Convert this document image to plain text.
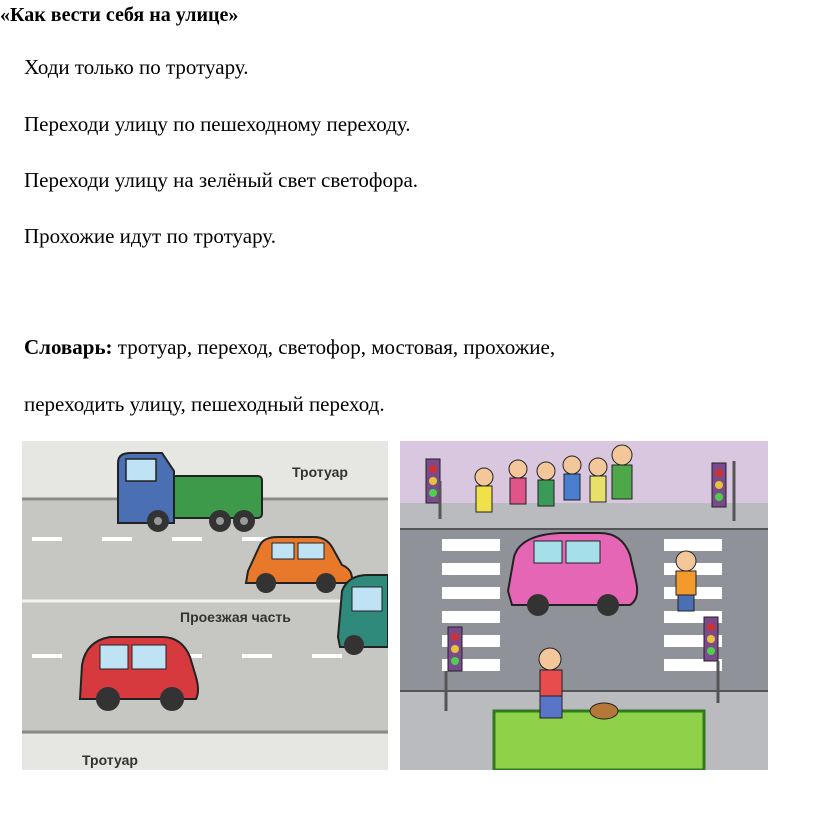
«Как вести себя на улице»
Ходи только по тротуару.
Переходи улицу по пешеходному переходу.
Переходи улицу на зелёный свет светофора.
Прохожие идут по тротуару.
Словарь: тротуар, переход, светофор, мостовая, прохожие,
переходить улицу, пешеходный переход.
Тротуар
Проезжая часть
Тротуар
